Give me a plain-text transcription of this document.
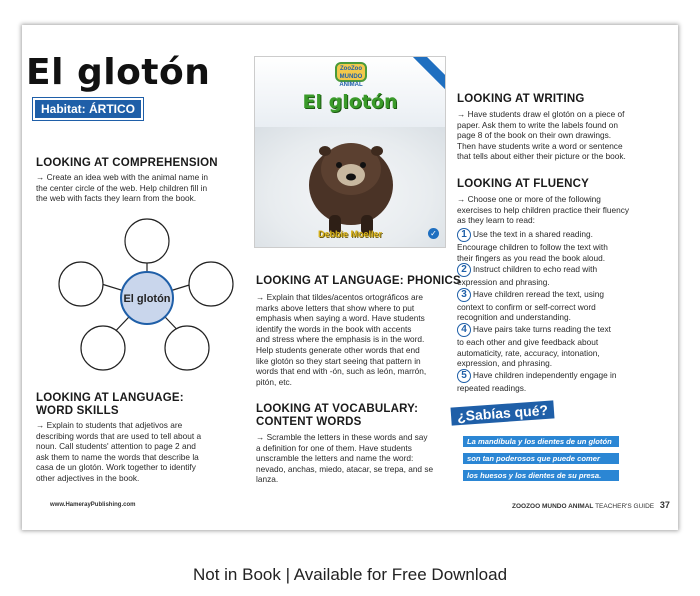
El glotón
Habitat: ÁRTICO
LOOKING AT COMPREHENSION
→ Create an idea web with the animal name in
the center circle of the web. Help children fill in
the web with facts they learn from the book.
El glotón
LOOKING AT LANGUAGE:
WORD SKILLS
→ Explain to students that adjetivos are
describing words that are used to tell about a
noun. Call students' attention to page 2 and
ask them to name the words that describe la
casa de un glotón. Work together to identify
other adjectives in the book.
ZooZoo MUNDO ANIMAL
El glotón
Debbie Moeller	✓
LOOKING AT LANGUAGE: PHONICS
→ Explain that tildes/acentos ortográficos are
marks above letters that show where to put
emphasis when saying a word. Have students
identify the words in the book with accents
and stress where the emphasis is in the word.
Help students generate other words that end
like glotón so they start seeing that pattern in
words that end with -ón, such as león, marrón,
pitón, etc.
LOOKING AT VOCABULARY:
CONTENT WORDS
→ Scramble the letters in these words and say
a definition for one of them. Have students
unscramble the letters and name the word:
nevado, anchas, miedo, atacar, se trepa, and se
lanza.
LOOKING AT WRITING
→ Have students draw el glotón on a piece of
paper. Ask them to write the labels found on
page 8 of the book on their own drawings.
Then have students write a word or sentence
that tells about either their picture or the book.
LOOKING AT FLUENCY
→ Choose one or more of the following
exercises to help children practice their fluency
as they learn to read:
1 Use the text in a shared reading.
Encourage children to follow the text with
their fingers as you read the book aloud.
2 Instruct children to echo read with
expression and phrasing.
3 Have children reread the text, using
context to confirm or self-correct word
recognition and understanding.
4 Have pairs take turns reading the text
to each other and give feedback about
automaticity, rate, accuracy, intonation,
expression, and phrasing.
5 Have children independently engage in
repeated readings.
¿Sabías qué?
La mandíbula y los dientes de un glotón
son tan poderosos que puede comer
los huesos y los dientes de su presa.
www.HamerayPublishing.com	ZOOZOO MUNDO ANIMAL TEACHER'S GUIDE 37
Not in Book | Available for Free Download
